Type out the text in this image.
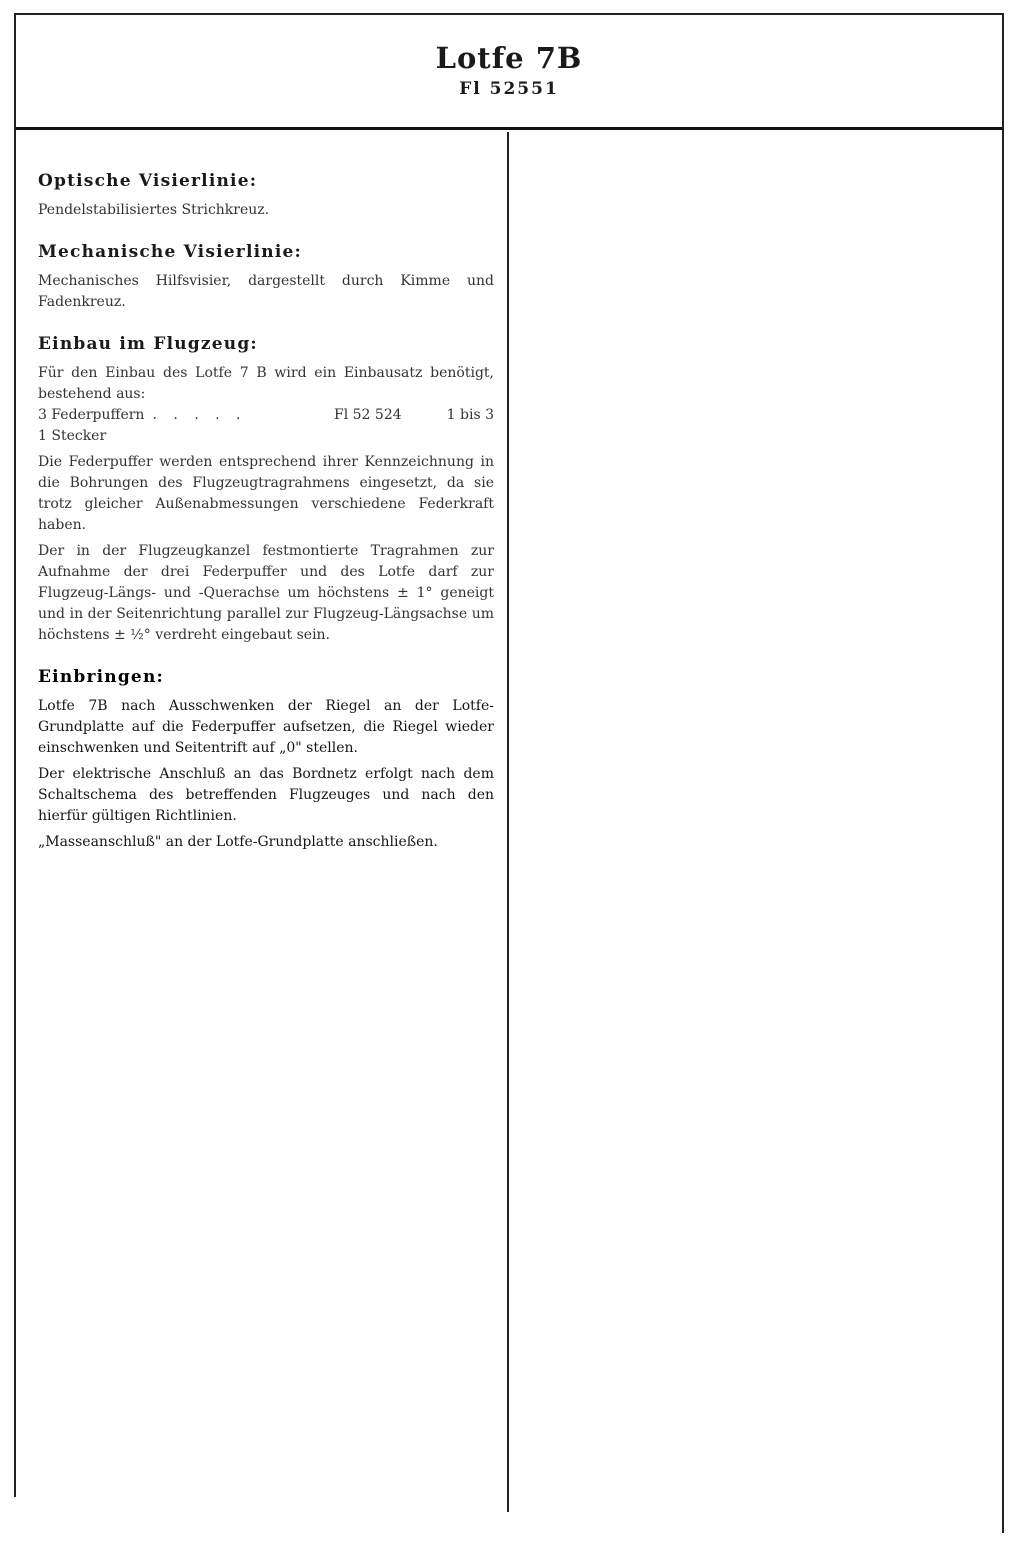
Lotfe 7B
Fl 52551
Optische Visierlinie:

Pendelstabilisiertes Strichkreuz.

Mechanische Visierlinie:

Mechanisches Hilfsvisier, dargestellt durch Kimme und Fadenkreuz.

Einbau im Flugzeug:

Für den Einbau des Lotfe 7 B wird ein Einbausatz benötigt, bestehend aus:

3 Federpuffern . . . . .	Fl 52 524	1 bis 3
1 Stecker

Die Federpuffer werden entsprechend ihrer Kennzeichnung in die Bohrungen des Flugzeugtragrahmens eingesetzt, da sie trotz gleicher Außenabmessungen verschiedene Federkraft haben.

Der in der Flugzeugkanzel festmontierte Tragrahmen zur Aufnahme der drei Federpuffer und des Lotfe darf zur Flugzeug-Längs- und -Querachse um höchstens ± 1° geneigt und in der Seitenrichtung parallel zur Flugzeug-Längsachse um höchstens ± ½° verdreht eingebaut sein.

Einbringen:

Lotfe 7B nach Ausschwenken der Riegel an der Lotfe-Grundplatte auf die Federpuffer aufsetzen, die Riegel wieder einschwenken und Seitentrift auf „0" stellen.

Der elektrische Anschluß an das Bordnetz erfolgt nach dem Schaltschema des betreffenden Flugzeuges und nach den hierfür gültigen Richtlinien.

„Masseanschluß" an der Lotfe-Grundplatte anschließen.
